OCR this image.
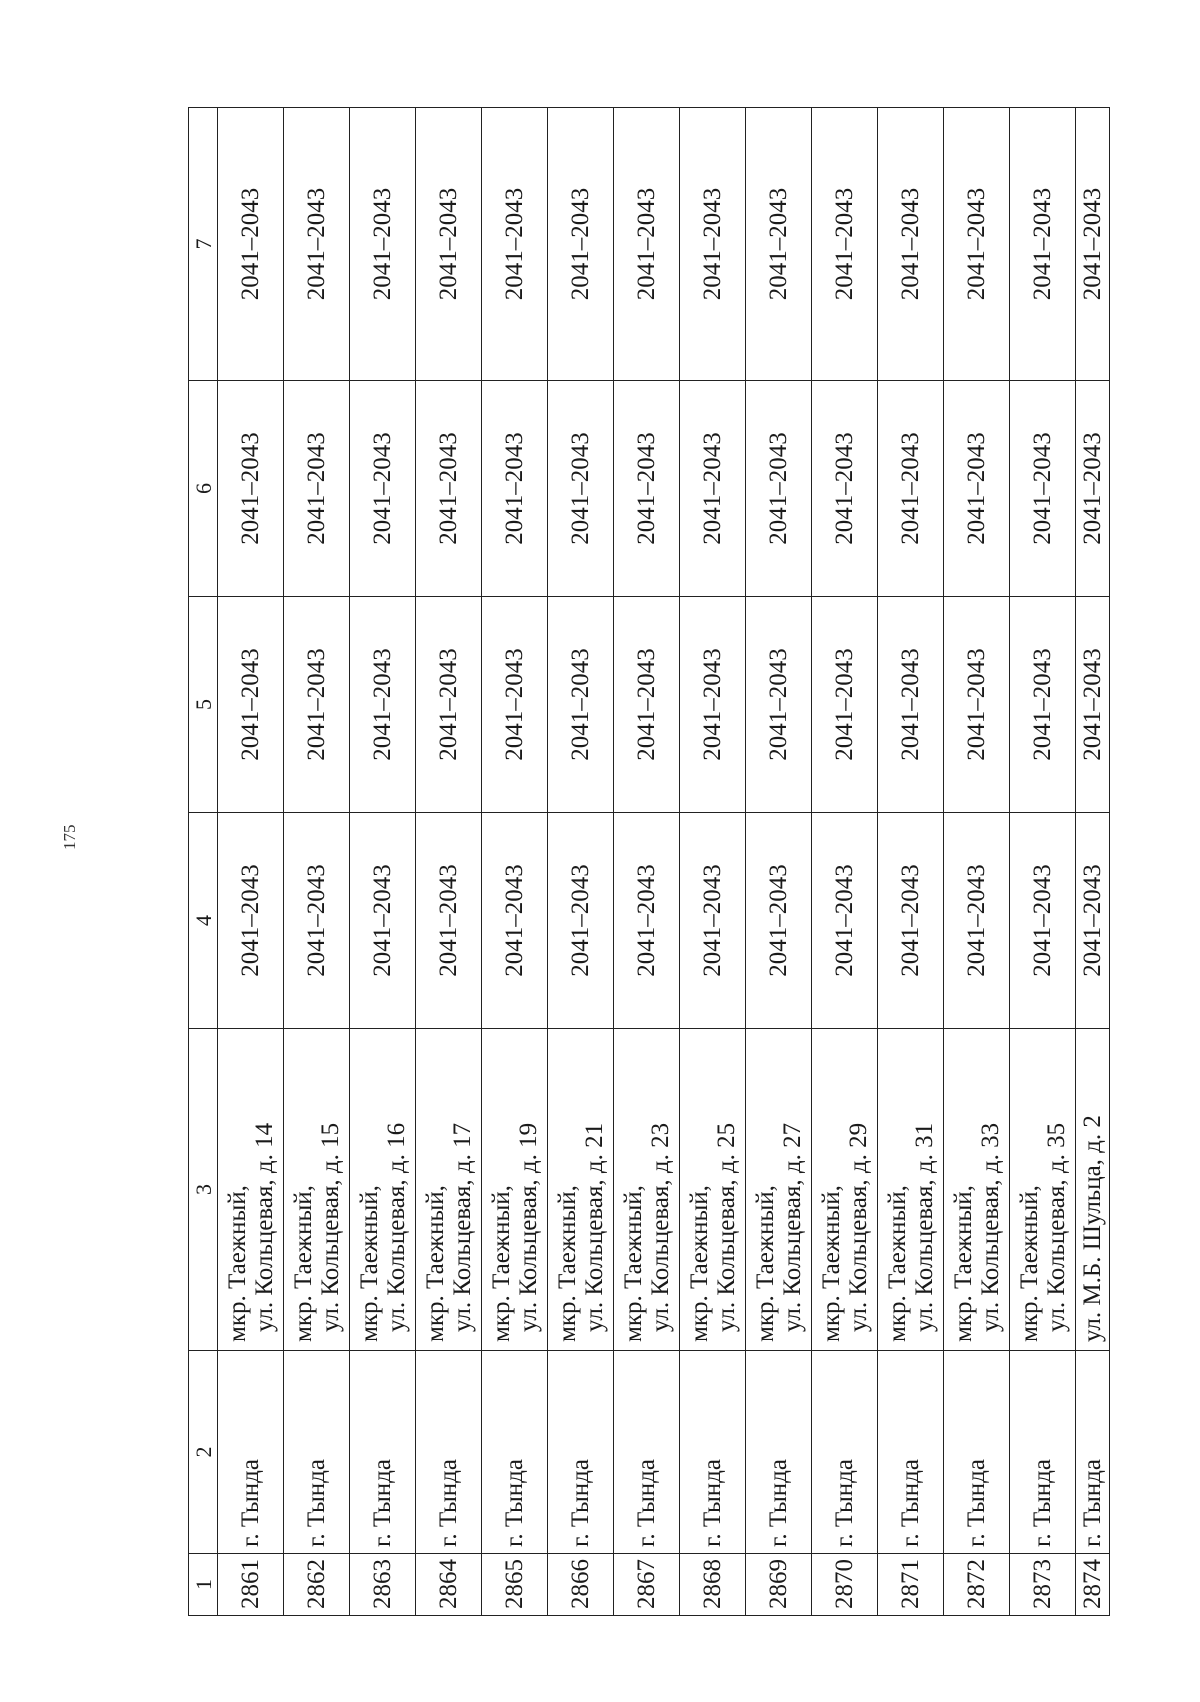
175
1	2	3	4	5	6	7
2861	г. Тында	мкр. Таежный, ул. Кольцевая, д. 14	2041–2043	2041–2043	2041–2043	2041–2043
2862	г. Тында	мкр. Таежный, ул. Кольцевая, д. 15	2041–2043	2041–2043	2041–2043	2041–2043
2863	г. Тында	мкр. Таежный, ул. Кольцевая, д. 16	2041–2043	2041–2043	2041–2043	2041–2043
2864	г. Тында	мкр. Таежный, ул. Кольцевая, д. 17	2041–2043	2041–2043	2041–2043	2041–2043
2865	г. Тында	мкр. Таежный, ул. Кольцевая, д. 19	2041–2043	2041–2043	2041–2043	2041–2043
2866	г. Тында	мкр. Таежный, ул. Кольцевая, д. 21	2041–2043	2041–2043	2041–2043	2041–2043
2867	г. Тында	мкр. Таежный, ул. Кольцевая, д. 23	2041–2043	2041–2043	2041–2043	2041–2043
2868	г. Тында	мкр. Таежный, ул. Кольцевая, д. 25	2041–2043	2041–2043	2041–2043	2041–2043
2869	г. Тында	мкр. Таежный, ул. Кольцевая, д. 27	2041–2043	2041–2043	2041–2043	2041–2043
2870	г. Тында	мкр. Таежный, ул. Кольцевая, д. 29	2041–2043	2041–2043	2041–2043	2041–2043
2871	г. Тында	мкр. Таежный, ул. Кольцевая, д. 31	2041–2043	2041–2043	2041–2043	2041–2043
2872	г. Тында	мкр. Таежный, ул. Кольцевая, д. 33	2041–2043	2041–2043	2041–2043	2041–2043
2873	г. Тында	мкр. Таежный, ул. Кольцевая, д. 35	2041–2043	2041–2043	2041–2043	2041–2043
2874	г. Тында	ул. М.Б. Шульца, д. 2	2041–2043	2041–2043	2041–2043	2041–2043
